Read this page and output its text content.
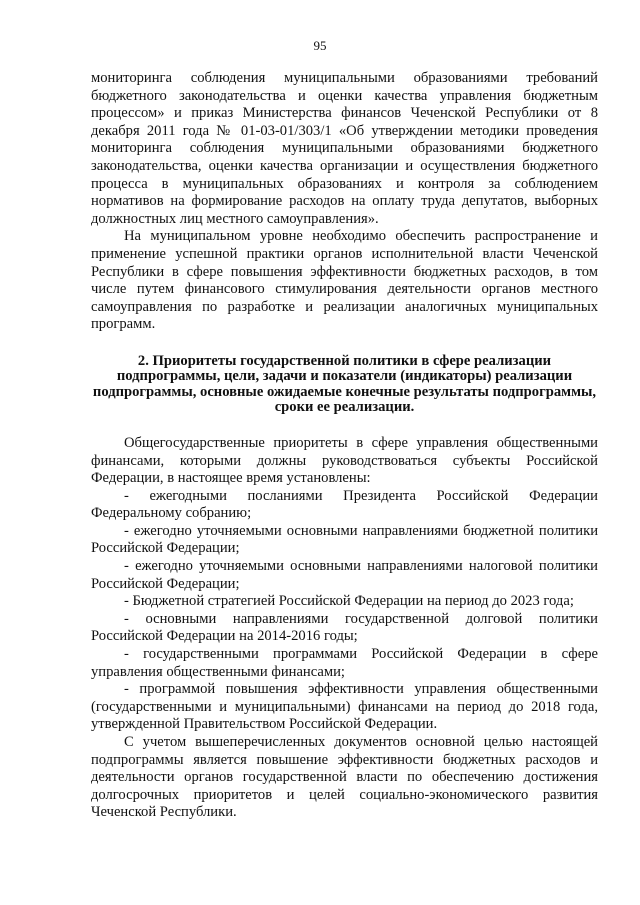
95

мониторинга соблюдения муниципальными образованиями требований бюджетного законодательства и оценки качества управления бюджетным процессом» и приказ Министерства финансов Чеченской Республики от 8 декабря 2011 года № 01-03-01/303/1 «Об утверждении методики проведения мониторинга соблюдения муниципальными образованиями бюджетного законодательства, оценки качества организации и осуществления бюджетного процесса в муниципальных образованиях и контроля за соблюдением нормативов на формирование расходов на оплату труда депутатов, выборных должностных лиц местного самоуправления».

На муниципальном уровне необходимо обеспечить распространение и применение успешной практики органов исполнительной власти Чеченской Республики в сфере повышения эффективности бюджетных расходов, в том числе путем финансового стимулирования деятельности органов местного самоуправления по разработке и реализации аналогичных муниципальных программ.

2. Приоритеты государственной политики в сфере реализации подпрограммы, цели, задачи и показатели (индикаторы) реализации подпрограммы, основные ожидаемые конечные результаты подпрограммы, сроки ее реализации.

Общегосударственные приоритеты в сфере управления общественными финансами, которыми должны руководствоваться субъекты Российской Федерации, в настоящее время установлены:

- ежегодными посланиями Президента Российской Федерации Федеральному собранию;

- ежегодно уточняемыми основными направлениями бюджетной политики Российской Федерации;

- ежегодно уточняемыми основными направлениями налоговой политики Российской Федерации;

- Бюджетной стратегией Российской Федерации на период до 2023 года;

- основными направлениями государственной долговой политики Российской Федерации на 2014-2016 годы;

- государственными программами Российской Федерации в сфере управления общественными финансами;

- программой повышения эффективности управления общественными (государственными и муниципальными) финансами на период до 2018 года, утвержденной Правительством Российской Федерации.

С учетом вышеперечисленных документов основной целью настоящей подпрограммы является повышение эффективности бюджетных расходов и деятельности органов государственной власти по обеспечению достижения долгосрочных приоритетов и целей социально-экономического развития Чеченской Республики.
